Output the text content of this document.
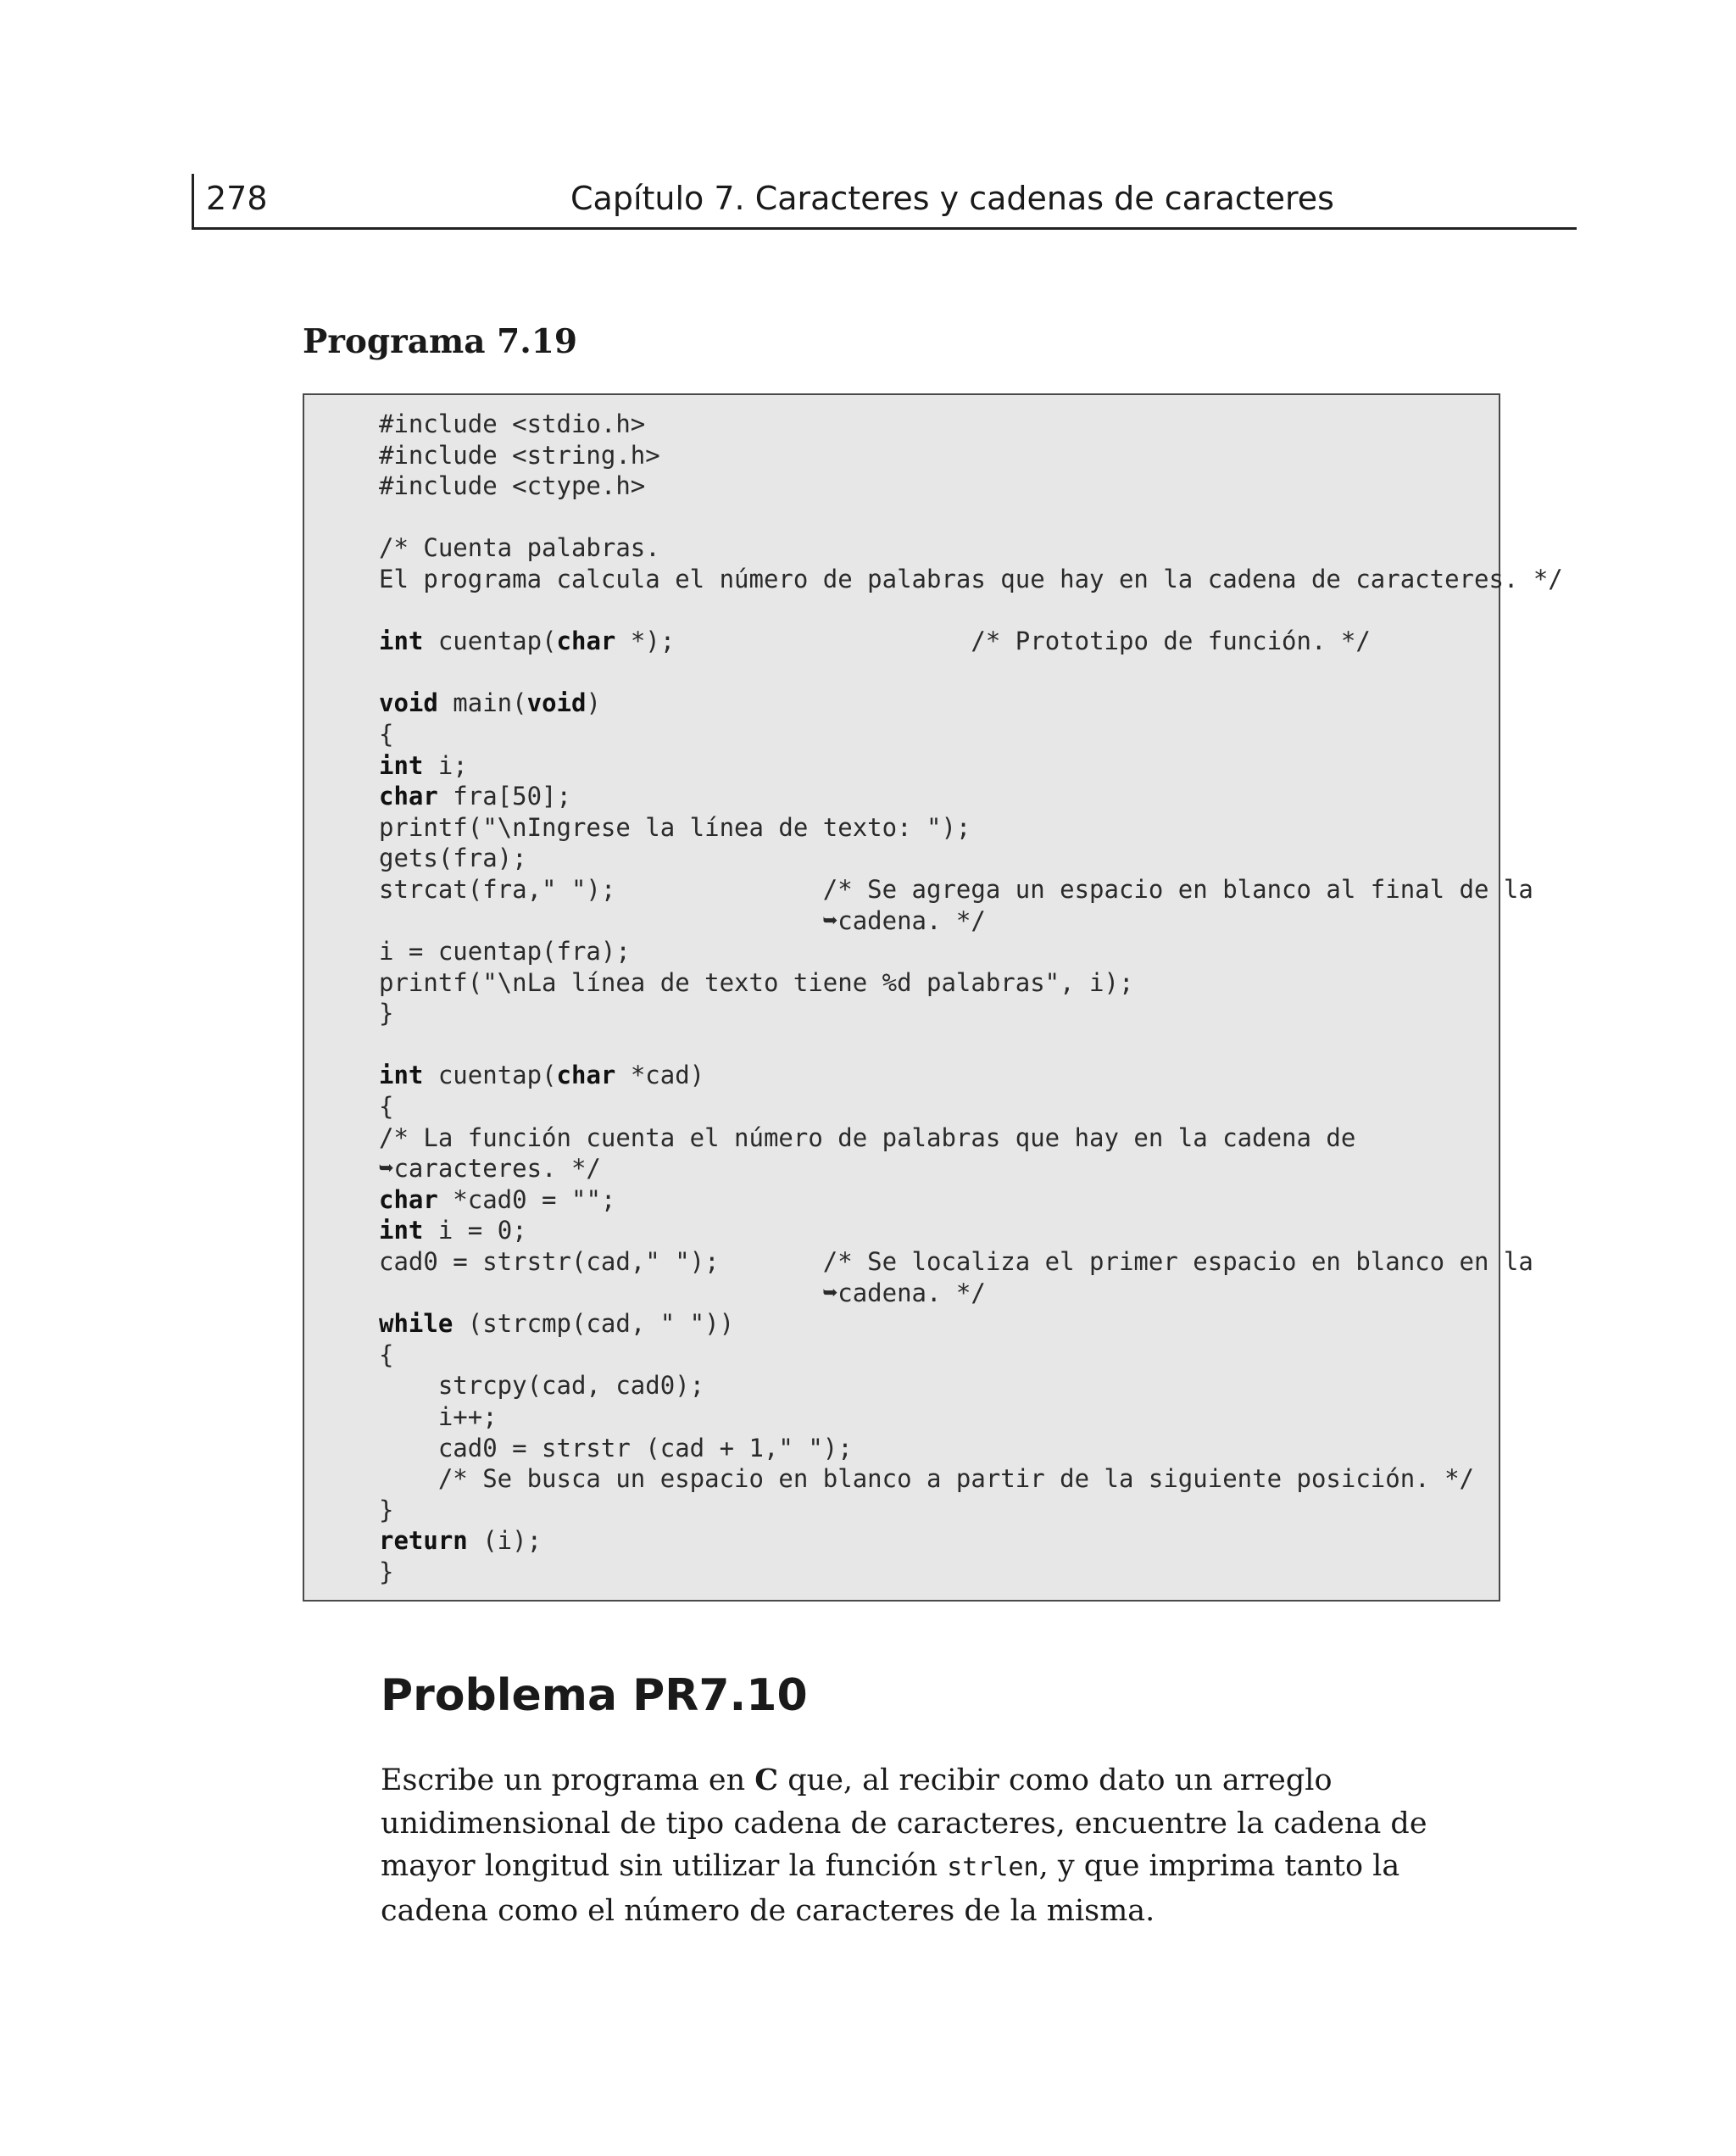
278	Capítulo 7. Caracteres y cadenas de caracteres
Programa 7.19
#include <stdio.h>
#include <string.h>
#include <ctype.h>

/* Cuenta palabras.
El programa calcula el número de palabras que hay en la cadena de caracteres. */

int cuentap(char *);                    /* Prototipo de función. */

void main(void)
{
int i;
char fra[50];
printf("\nIngrese la línea de texto: ");
gets(fra);
strcat(fra," ");              /* Se agrega un espacio en blanco al final de la
➥cadena. */
i = cuentap(fra);
printf("\nLa línea de texto tiene %d palabras", i);
}

int cuentap(char *cad)
{
/* La función cuenta el número de palabras que hay en la cadena de
➥caracteres. */
char *cad0 = "";
int i = 0;
cad0 = strstr(cad," ");       /* Se localiza el primer espacio en blanco en la
➥cadena. */
while (strcmp(cad, " "))
{
strcpy(cad, cad0);
i++;
cad0 = strstr (cad + 1," ");
/* Se busca un espacio en blanco a partir de la siguiente posición. */
}
return (i);
}
Problema PR7.10
Escribe un programa en C que, al recibir como dato un arreglo unidimensional de tipo cadena de caracteres, encuentre la cadena de mayor longitud sin utilizar la función strlen, y que imprima tanto la cadena como el número de caracteres de la misma.
